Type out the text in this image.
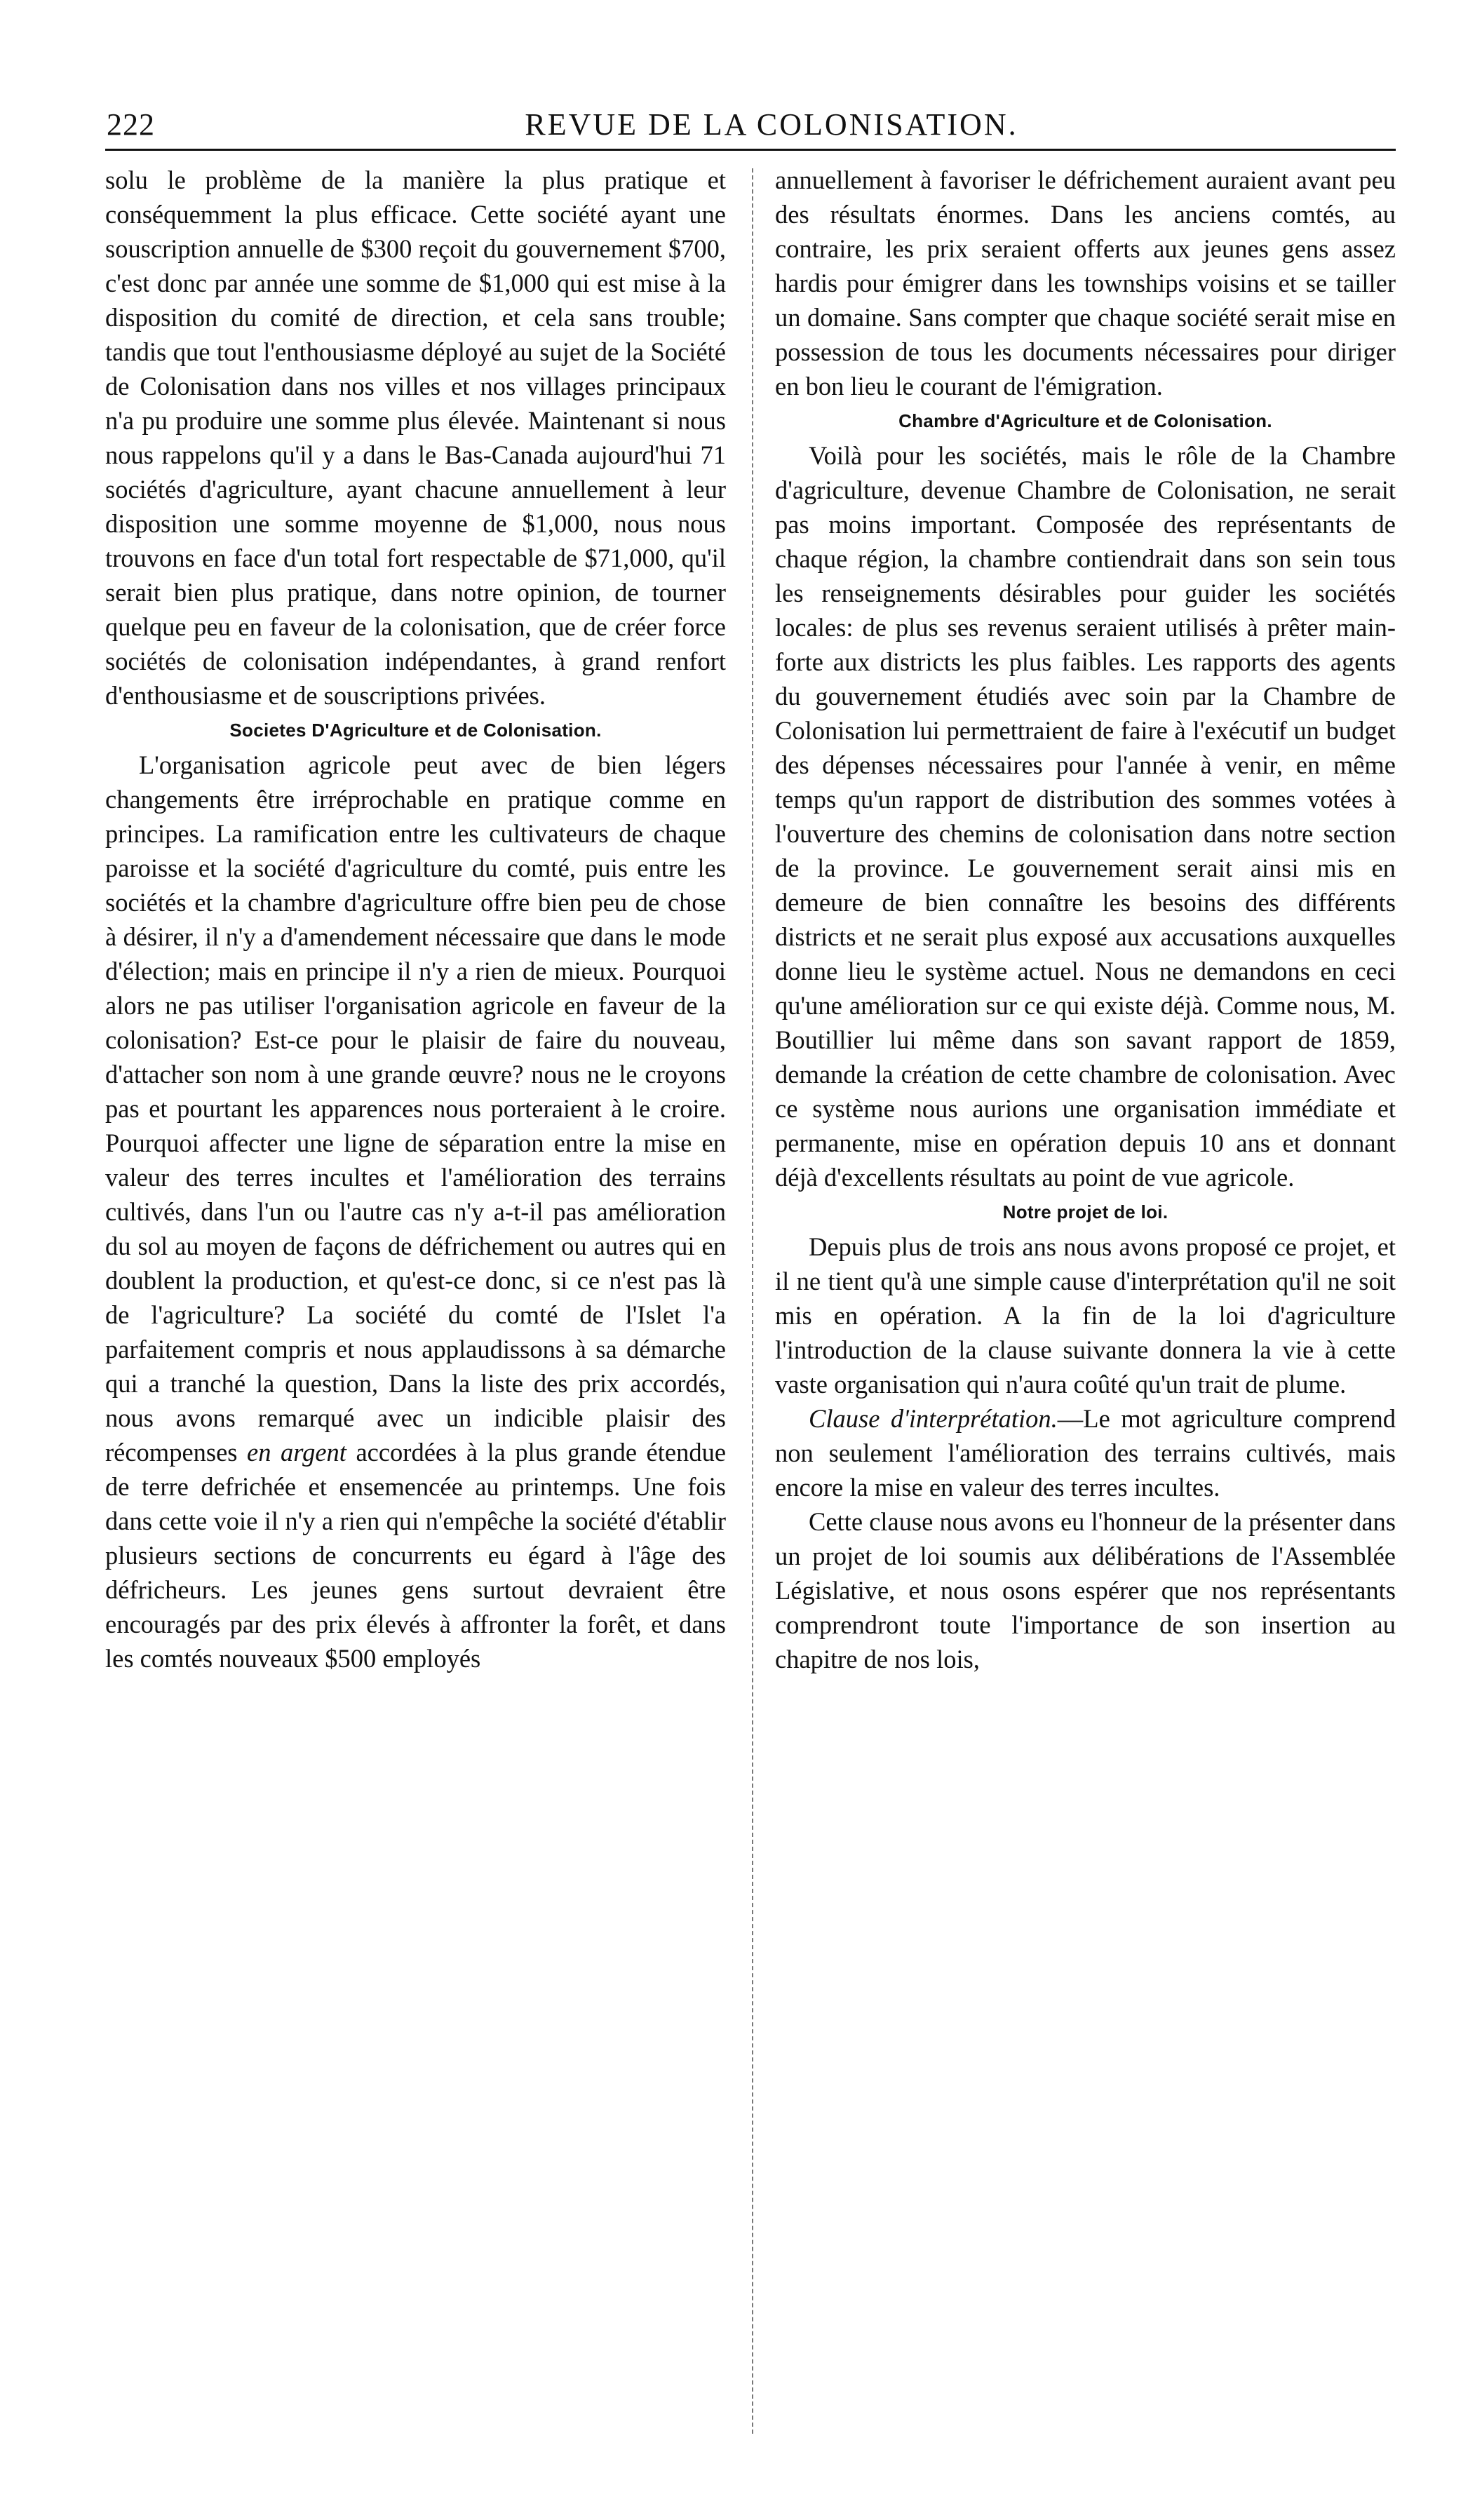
222	REVUE DE LA COLONISATION.

solu le problème de la manière la plus pratique et conséquemment la plus efficace. Cette société ayant une souscription annuelle de $300 reçoit du gouvernement $700, c'est donc par année une somme de $1,000 qui est mise à la disposition du comité de direction, et cela sans trouble; tandis que tout l'enthousiasme déployé au sujet de la Société de Colonisation dans nos villes et nos villages principaux n'a pu produire une somme plus élevée. Maintenant si nous nous rappelons qu'il y a dans le Bas-Canada aujourd'hui 71 sociétés d'agriculture, ayant chacune annuellement à leur disposition une somme moyenne de $1,000, nous nous trouvons en face d'un total fort respectable de $71,000, qu'il serait bien plus pratique, dans notre opinion, de tourner quelque peu en faveur de la colonisation, que de créer force sociétés de colonisation indépendantes, à grand renfort d'enthousiasme et de souscriptions privées.

Societes D'Agriculture et de Colonisation.

L'organisation agricole peut avec de bien légers changements être irréprochable en pratique comme en principes. La ramification entre les cultivateurs de chaque paroisse et la société d'agriculture du comté, puis entre les sociétés et la chambre d'agriculture offre bien peu de chose à désirer, il n'y a d'amendement nécessaire que dans le mode d'élection; mais en principe il n'y a rien de mieux. Pourquoi alors ne pas utiliser l'organisation agricole en faveur de la colonisation? Est-ce pour le plaisir de faire du nouveau, d'attacher son nom à une grande œuvre? nous ne le croyons pas et pourtant les apparences nous porteraient à le croire. Pourquoi affecter une ligne de séparation entre la mise en valeur des terres incultes et l'amélioration des terrains cultivés, dans l'un ou l'autre cas n'y a-t-il pas amélioration du sol au moyen de façons de défrichement ou autres qui en doublent la production, et qu'est-ce donc, si ce n'est pas là de l'agriculture? La société du comté de l'Islet l'a parfaitement compris et nous applaudissons à sa démarche qui a tranché la question, Dans la liste des prix accordés, nous avons remarqué avec un indicible plaisir des récompenses en argent accordées à la plus grande étendue de terre defrichée et ensemencée au printemps. Une fois dans cette voie il n'y a rien qui n'empêche la société d'établir plusieurs sections de concurrents eu égard à l'âge des défricheurs. Les jeunes gens surtout devraient être encouragés par des prix élevés à affronter la forêt, et dans les comtés nouveaux $500 employés

annuellement à favoriser le défrichement auraient avant peu des résultats énormes. Dans les anciens comtés, au contraire, les prix seraient offerts aux jeunes gens assez hardis pour émigrer dans les townships voisins et se tailler un domaine. Sans compter que chaque société serait mise en possession de tous les documents nécessaires pour diriger en bon lieu le courant de l'émigration.

Chambre d'Agriculture et de Colonisation.

Voilà pour les sociétés, mais le rôle de la Chambre d'agriculture, devenue Chambre de Colonisation, ne serait pas moins important. Composée des représentants de chaque région, la chambre contiendrait dans son sein tous les renseignements désirables pour guider les sociétés locales: de plus ses revenus seraient utilisés à prêter main-forte aux districts les plus faibles. Les rapports des agents du gouvernement étudiés avec soin par la Chambre de Colonisation lui permettraient de faire à l'exécutif un budget des dépenses nécessaires pour l'année à venir, en même temps qu'un rapport de distribution des sommes votées à l'ouverture des chemins de colonisation dans notre section de la province. Le gouvernement serait ainsi mis en demeure de bien connaître les besoins des différents districts et ne serait plus exposé aux accusations auxquelles donne lieu le système actuel. Nous ne demandons en ceci qu'une amélioration sur ce qui existe déjà. Comme nous, M. Boutillier lui même dans son savant rapport de 1859, demande la création de cette chambre de colonisation. Avec ce système nous aurions une organisation immédiate et permanente, mise en opération depuis 10 ans et donnant déjà d'excellents résultats au point de vue agricole.

Notre projet de loi.

Depuis plus de trois ans nous avons proposé ce projet, et il ne tient qu'à une simple cause d'interprétation qu'il ne soit mis en opération. A la fin de la loi d'agriculture l'introduction de la clause suivante donnera la vie à cette vaste organisation qui n'aura coûté qu'un trait de plume.

Clause d'interprétation.—Le mot agriculture comprend non seulement l'amélioration des terrains cultivés, mais encore la mise en valeur des terres incultes.

Cette clause nous avons eu l'honneur de la présenter dans un projet de loi soumis aux délibérations de l'Assemblée Législative, et nous osons espérer que nos représentants comprendront toute l'importance de son insertion au chapitre de nos lois,
